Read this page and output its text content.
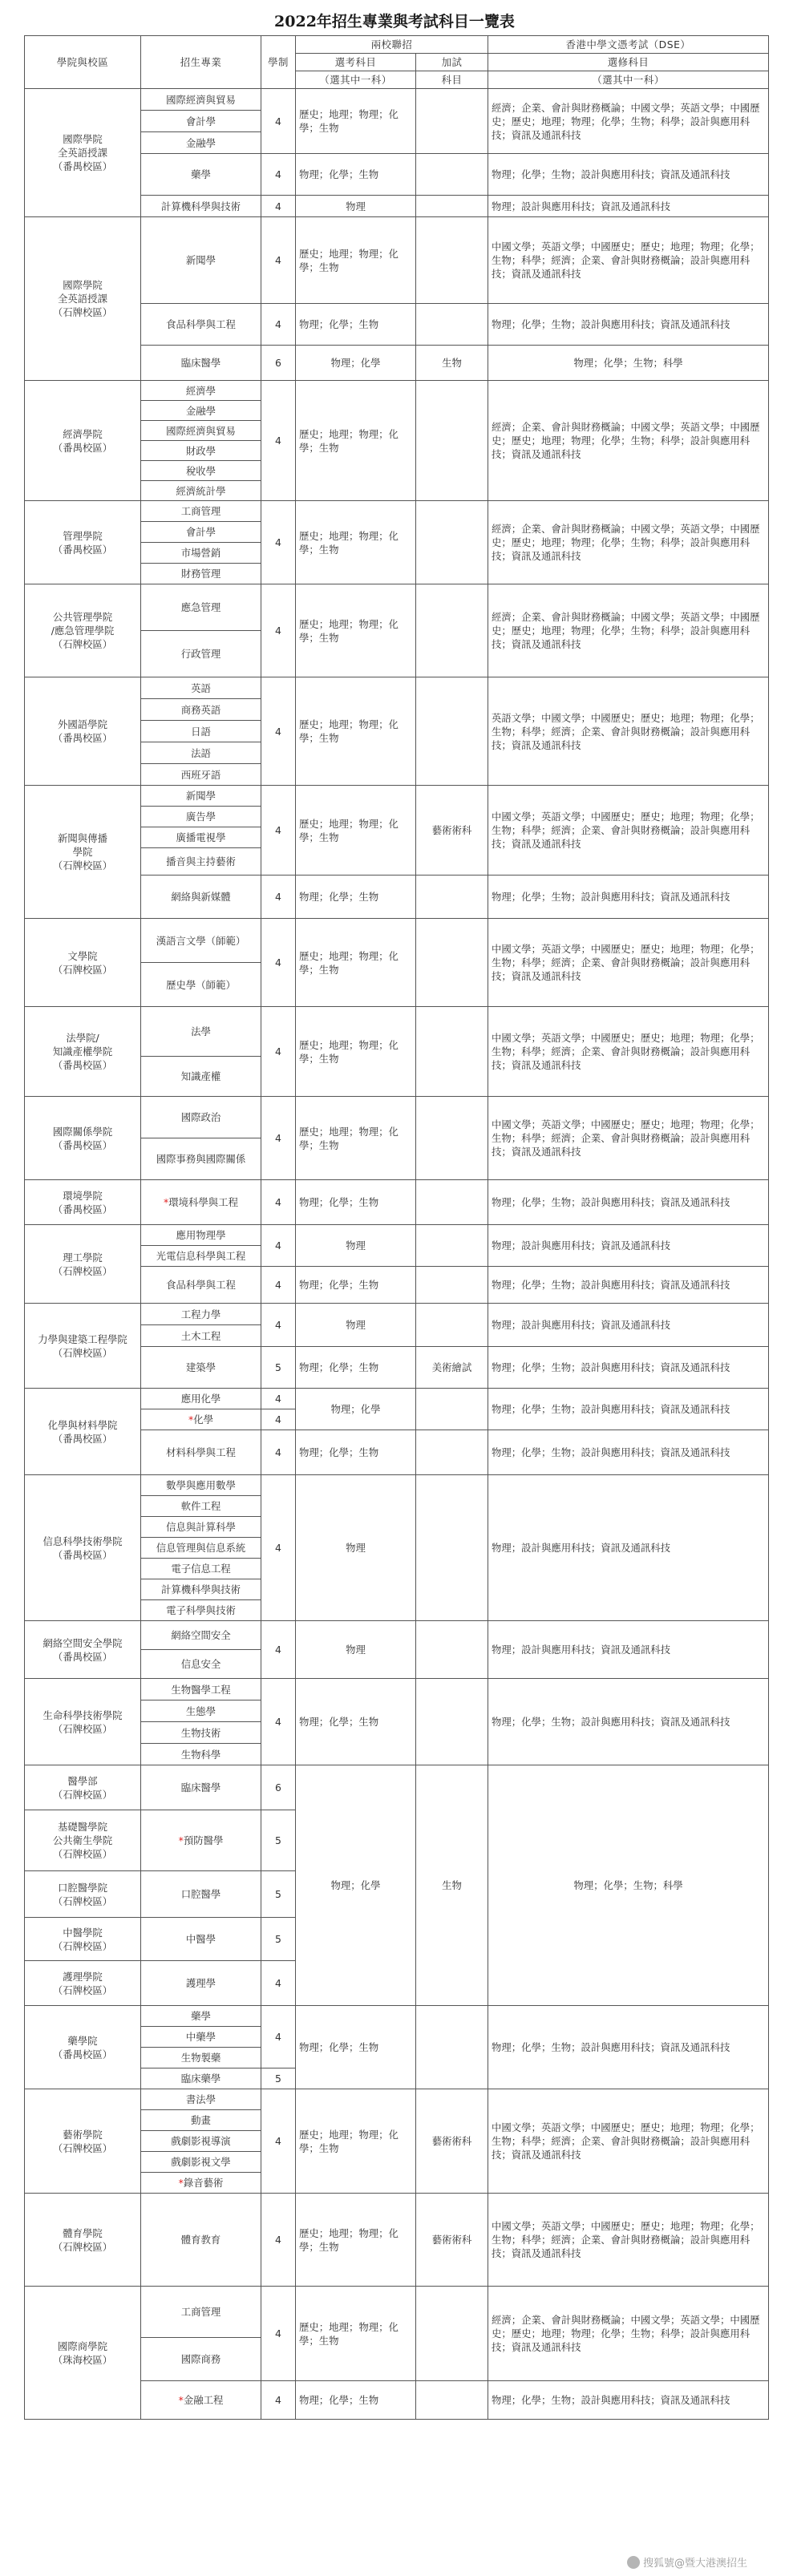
2022年招生專業與考試科目一覽表
學院與校區	招生專業	學制	兩校聯招		香港中學文憑考試（DSE）
			選考科目	加試	選修科目
			（選其中一科）	科目	（選其中一科）
國際學院
全英語授課
（番禺校區）	國際經濟與貿易	4	歷史；地理；物理；化學；生物		經濟；企業、會計與財務概論；中國文學；英語文學；中國歷史；歷史；地理；物理；化學；生物；科學；設計與應用科技；資訊及通訊科技
	會計學				
	金融學				
	藥學	4	物理；化學；生物		物理；化學；生物；設計與應用科技；資訊及通訊科技
	計算機科學與技術	4	物理		物理；設計與應用科技；資訊及通訊科技
國際學院
全英語授課
（石牌校區）	新聞學	4	歷史；地理；物理；化學；生物		中國文學；英語文學；中國歷史；歷史；地理；物理；化學；生物；科學；經濟；企業、會計與財務概論；設計與應用科技；資訊及通訊科技
	食品科學與工程	4	物理；化學；生物		物理；化學；生物；設計與應用科技；資訊及通訊科技
	臨床醫學	6	物理；化學	生物	物理；化學；生物；科學
經濟學院
（番禺校區）	經濟學	4	歷史；地理；物理；化學；生物		經濟；企業、會計與財務概論；中國文學；英語文學；中國歷史；歷史；地理；物理；化學；生物；科學；設計與應用科技；資訊及通訊科技
	金融學				
	國際經濟與貿易				
	財政學				
	稅收學				
	經濟統計學				
管理學院
（番禺校區）	工商管理	4	歷史；地理；物理；化學；生物		經濟；企業、會計與財務概論；中國文學；英語文學；中國歷史；歷史；地理；物理；化學；生物；科學；設計與應用科技；資訊及通訊科技
	會計學				
	市場營銷				
	財務管理				
公共管理學院
/應急管理學院
（石牌校區）	應急管理	4	歷史；地理；物理；化學；生物		經濟；企業、會計與財務概論；中國文學；英語文學；中國歷史；歷史；地理；物理；化學；生物；科學；設計與應用科技；資訊及通訊科技
	行政管理				
外國語學院
（番禺校區）	英語	4	歷史；地理；物理；化學；生物		英語文學；中國文學；中國歷史；歷史；地理；物理；化學；生物；科學；經濟；企業、會計與財務概論；設計與應用科技；資訊及通訊科技
	商務英語				
	日語				
	法語				
	西班牙語				
新聞與傳播
學院
（石牌校區）	新聞學	4	歷史；地理；物理；化學；生物	藝術術科	中國文學；英語文學；中國歷史；歷史；地理；物理；化學；生物；科學；經濟；企業、會計與財務概論；設計與應用科技；資訊及通訊科技
	廣告學				
	廣播電視學				
	播音與主持藝術				
	網絡與新媒體	4	物理；化學；生物		物理；化學；生物；設計與應用科技；資訊及通訊科技
文學院
（石牌校區）	漢語言文學（師範）	4	歷史；地理；物理；化學；生物		中國文學；英語文學；中國歷史；歷史；地理；物理；化學；生物；科學；經濟；企業、會計與財務概論；設計與應用科技；資訊及通訊科技
	歷史學（師範）				
法學院/
知識產權學院
（番禺校區）	法學	4	歷史；地理；物理；化學；生物		中國文學；英語文學；中國歷史；歷史；地理；物理；化學；生物；科學；經濟；企業、會計與財務概論；設計與應用科技；資訊及通訊科技
	知識產權				
國際關係學院
（番禺校區）	國際政治	4	歷史；地理；物理；化學；生物		中國文學；英語文學；中國歷史；歷史；地理；物理；化學；生物；科學；經濟；企業、會計與財務概論；設計與應用科技；資訊及通訊科技
	國際事務與國際關係				
環境學院
（番禺校區）	*環境科學與工程	4	物理；化學；生物		物理；化學；生物；設計與應用科技；資訊及通訊科技
理工學院
（石牌校區）	應用物理學	4	物理		物理；設計與應用科技；資訊及通訊科技
	光電信息科學與工程				
	食品科學與工程	4	物理；化學；生物		物理；化學；生物；設計與應用科技；資訊及通訊科技
力學與建築工程學院
（石牌校區）	工程力學	4	物理		物理；設計與應用科技；資訊及通訊科技
	土木工程				
	建築學	5	物理；化學；生物	美術繪試	物理；化學；生物；設計與應用科技；資訊及通訊科技
化學與材料學院
（番禺校區）	應用化學	4	物理；化學		物理；化學；生物；設計與應用科技；資訊及通訊科技
	*化學	4			
	材料科學與工程	4	物理；化學；生物		物理；化學；生物；設計與應用科技；資訊及通訊科技
信息科學技術學院
（番禺校區）	數學與應用數學	4	物理		物理；設計與應用科技；資訊及通訊科技
	軟件工程				
	信息與計算科學				
	信息管理與信息系統				
	電子信息工程				
	計算機科學與技術				
	電子科學與技術				
網絡空間安全學院
（番禺校區）	網絡空間安全	4	物理		物理；設計與應用科技；資訊及通訊科技
	信息安全				
生命科學技術學院
（石牌校區）	生物醫學工程	4	物理；化學；生物		物理；化學；生物；設計與應用科技；資訊及通訊科技
	生態學				
	生物技術				
	生物科學				
醫學部
（石牌校區）	臨床醫學	6	物理；化學	生物	物理；化學；生物；科學
基礎醫學院
公共衛生學院
（石牌校區）	*預防醫學	5			
口腔醫學院
（石牌校區）	口腔醫學	5			
中醫學院
（石牌校區）	中醫學	5			
護理學院
（石牌校區）	護理學	4			
藥學院
（番禺校區）	藥學	4	物理；化學；生物		物理；化學；生物；設計與應用科技；資訊及通訊科技
	中藥學				
	生物製藥				
	臨床藥學	5			
藝術學院
（石牌校區）	書法學	4	歷史；地理；物理；化學；生物	藝術術科	中國文學；英語文學；中國歷史；歷史；地理；物理；化學；生物；科學；經濟；企業、會計與財務概論；設計與應用科技；資訊及通訊科技
	動畫				
	戲劇影視導演				
	戲劇影視文學				
	*錄音藝術				
體育學院
（石牌校區）	體育教育	4	歷史；地理；物理；化學；生物	藝術術科	中國文學；英語文學；中國歷史；歷史；地理；物理；化學；生物；科學；經濟；企業、會計與財務概論；設計與應用科技；資訊及通訊科技
國際商學院
（珠海校區）	工商管理	4	歷史；地理；物理；化學；生物		經濟；企業、會計與財務概論；中國文學；英語文學；中國歷史；歷史；地理；物理；化學；生物；科學；設計與應用科技；資訊及通訊科技
	國際商務				
	*金融工程	4	物理；化學；生物		物理；化學；生物；設計與應用科技；資訊及通訊科技
搜狐號@暨大港澳招生
